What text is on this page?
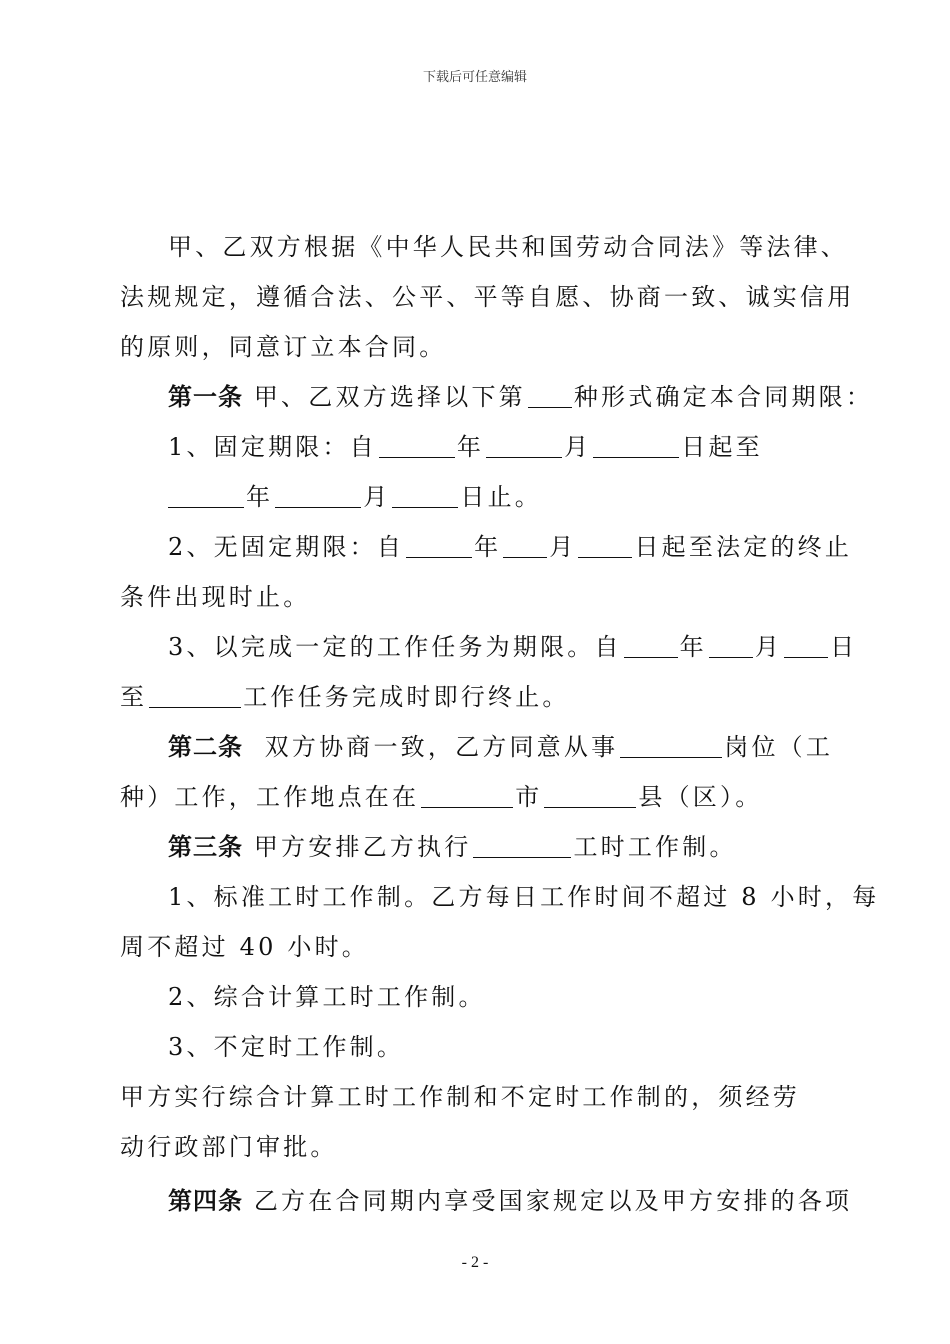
下载后可任意编辑
甲、乙双方根据《中华人民共和国劳动合同法》等法律、
法规规定，遵循合法、公平、平等自愿、协商一致、诚实信用
的原则，同意订立本合同。
第一条 甲、乙双方选择以下第 种形式确定本合同期限：
1、固定期限：自	年	月	日起至
年	月	日止。
2、无固定期限：自	年 月 日起至法定的终止
条件出现时止。
3、以完成一定的工作任务为期限。自 年 月 日
至	工作任务完成时即行终止。
第二条 双方协商一致，乙方同意从事	岗位（工
种）工作，工作地点在在	市	县（区）。
第三条 甲方安排乙方执行	工时工作制。
1、标准工时工作制。乙方每日工作时间不超过 8 小时，每
周不超过 40 小时。
2、综合计算工时工作制。
3、不定时工作制。
甲方实行综合计算工时工作制和不定时工作制的，须经劳
动行政部门审批。
第四条 乙方在合同期内享受国家规定以及甲方安排的各项
- 2 -
